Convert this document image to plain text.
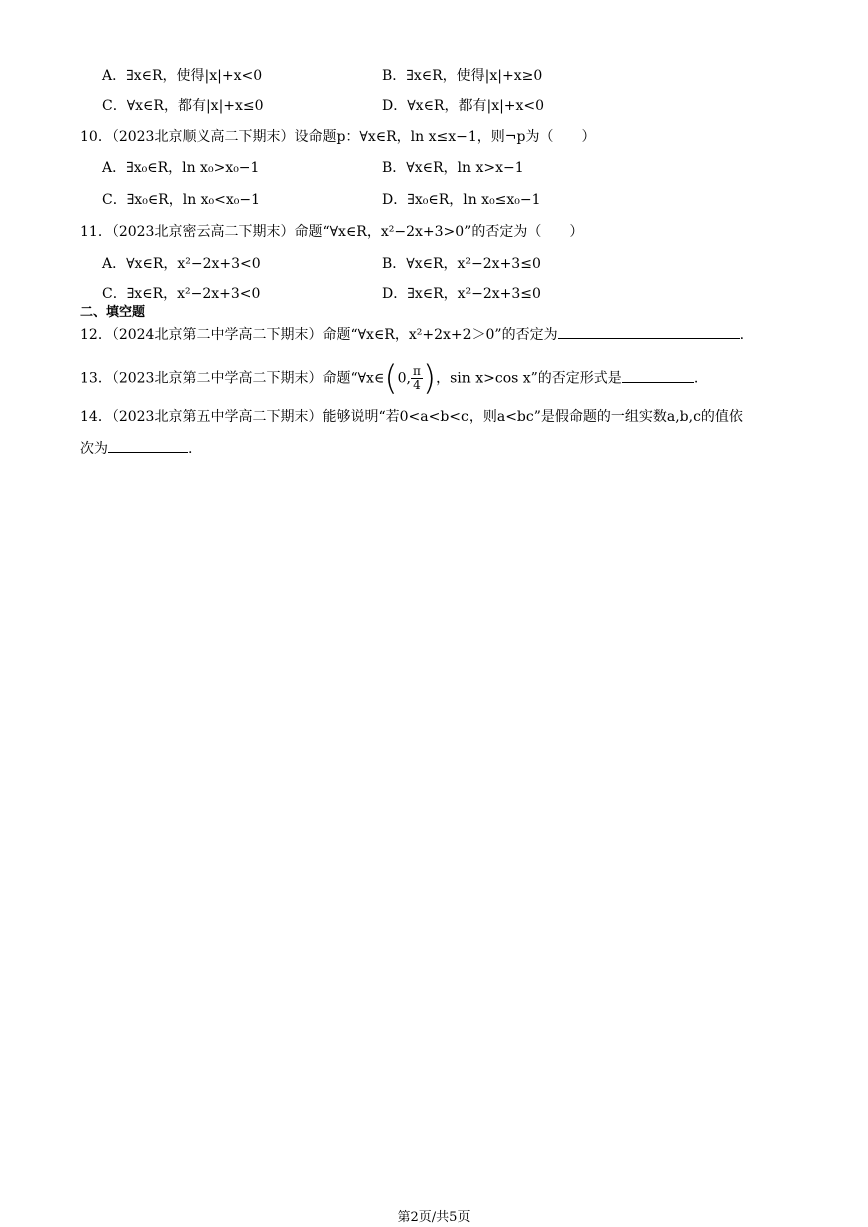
A．∃x∈R，使得|x|+x<0	B．∃x∈R，使得|x|+x≥0
C．∀x∈R，都有|x|+x≤0	D．∀x∈R，都有|x|+x<0
10．（2023北京顺义高二下期末）设命题p：∀x∈R，ln x≤x−1，则¬p为（　　）
A．∃x₀∈R，ln x₀>x₀−1	B．∀x∈R，ln x>x−1
C．∃x₀∈R，ln x₀<x₀−1	D．∃x₀∈R，ln x₀≤x₀−1
11．（2023北京密云高二下期末）命题“∀x∈R，x²−2x+3>0”的否定为（　　）
A．∀x∈R，x²−2x+3<0	B．∀x∈R，x²−2x+3≤0
C．∃x∈R，x²−2x+3<0	D．∃x∈R，x²−2x+3≤0
二、填空题
12．（2024北京第二中学高二下期末）命题“∀x∈R，x²+2x+2＞0”的否定为	.
13．（2023北京第二中学高二下期末）命题“∀x∈(0, $\frac{\pi}{4}$ )，sin x>cos x”的否定形式是	.
14．（2023北京第五中学高二下期末）能够说明“若0<a<b<c，则a<bc”是假命题的一组实数a,b,c的值依
次为	.
第2页/共5页
